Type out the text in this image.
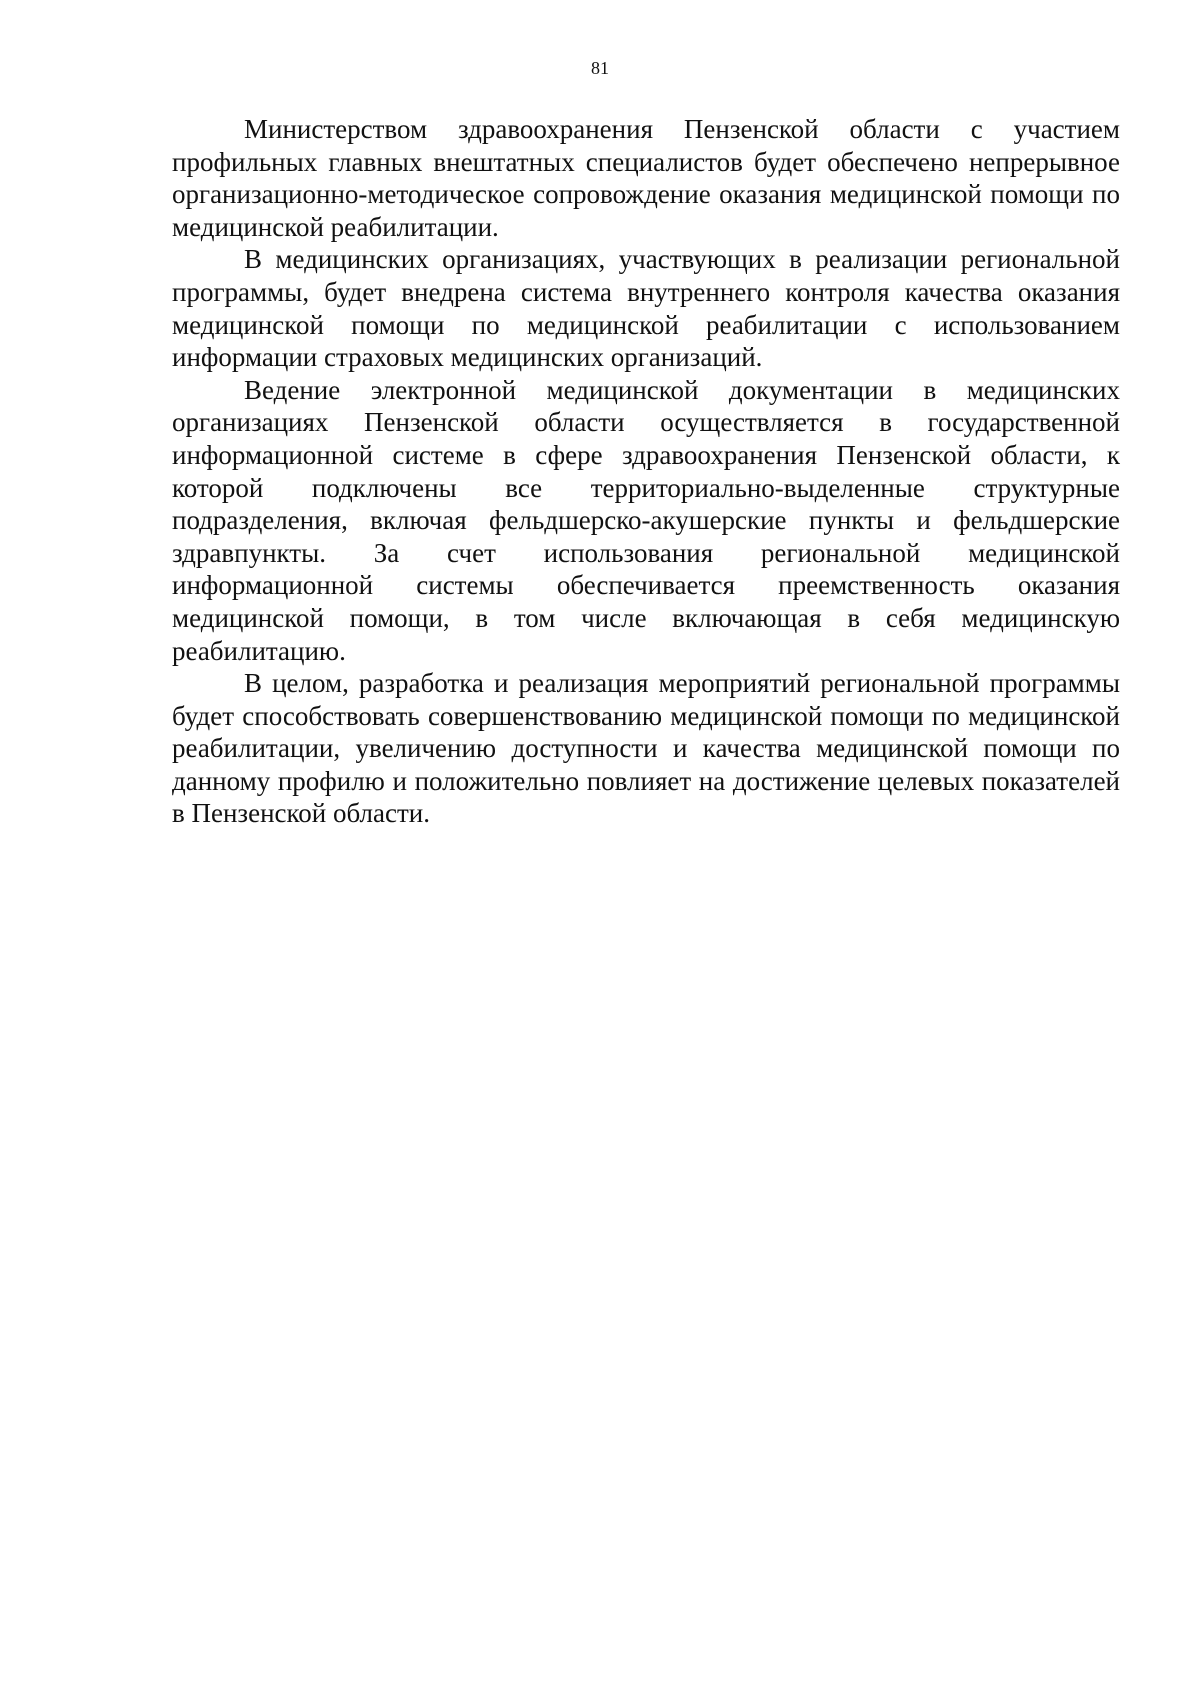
81

Министерством здравоохранения Пензенской области с участием профильных главных внештатных специалистов будет обеспечено непрерывное организационно-методическое сопровождение оказания медицинской помощи по медицинской реабилитации.

В медицинских организациях, участвующих в реализации региональной программы, будет внедрена система внутреннего контроля качества оказания медицинской помощи по медицинской реабилитации с использованием информации страховых медицинских организаций.

Ведение электронной медицинской документации в медицинских организациях Пензенской области осуществляется в государственной информационной системе в сфере здравоохранения Пензенской области, к которой подключены все территориально-выделенные структурные подразделения, включая фельдшерско-акушерские пункты и фельдшерские здравпункты. За счет использования региональной медицинской информационной системы обеспечивается преемственность оказания медицинской помощи, в том числе включающая в себя медицинскую реабилитацию.

В целом, разработка и реализация мероприятий региональной программы будет способствовать совершенствованию медицинской помощи по медицинской реабилитации, увеличению доступности и качества медицинской помощи по данному профилю и положительно повлияет на достижение целевых показателей в Пензенской области.
